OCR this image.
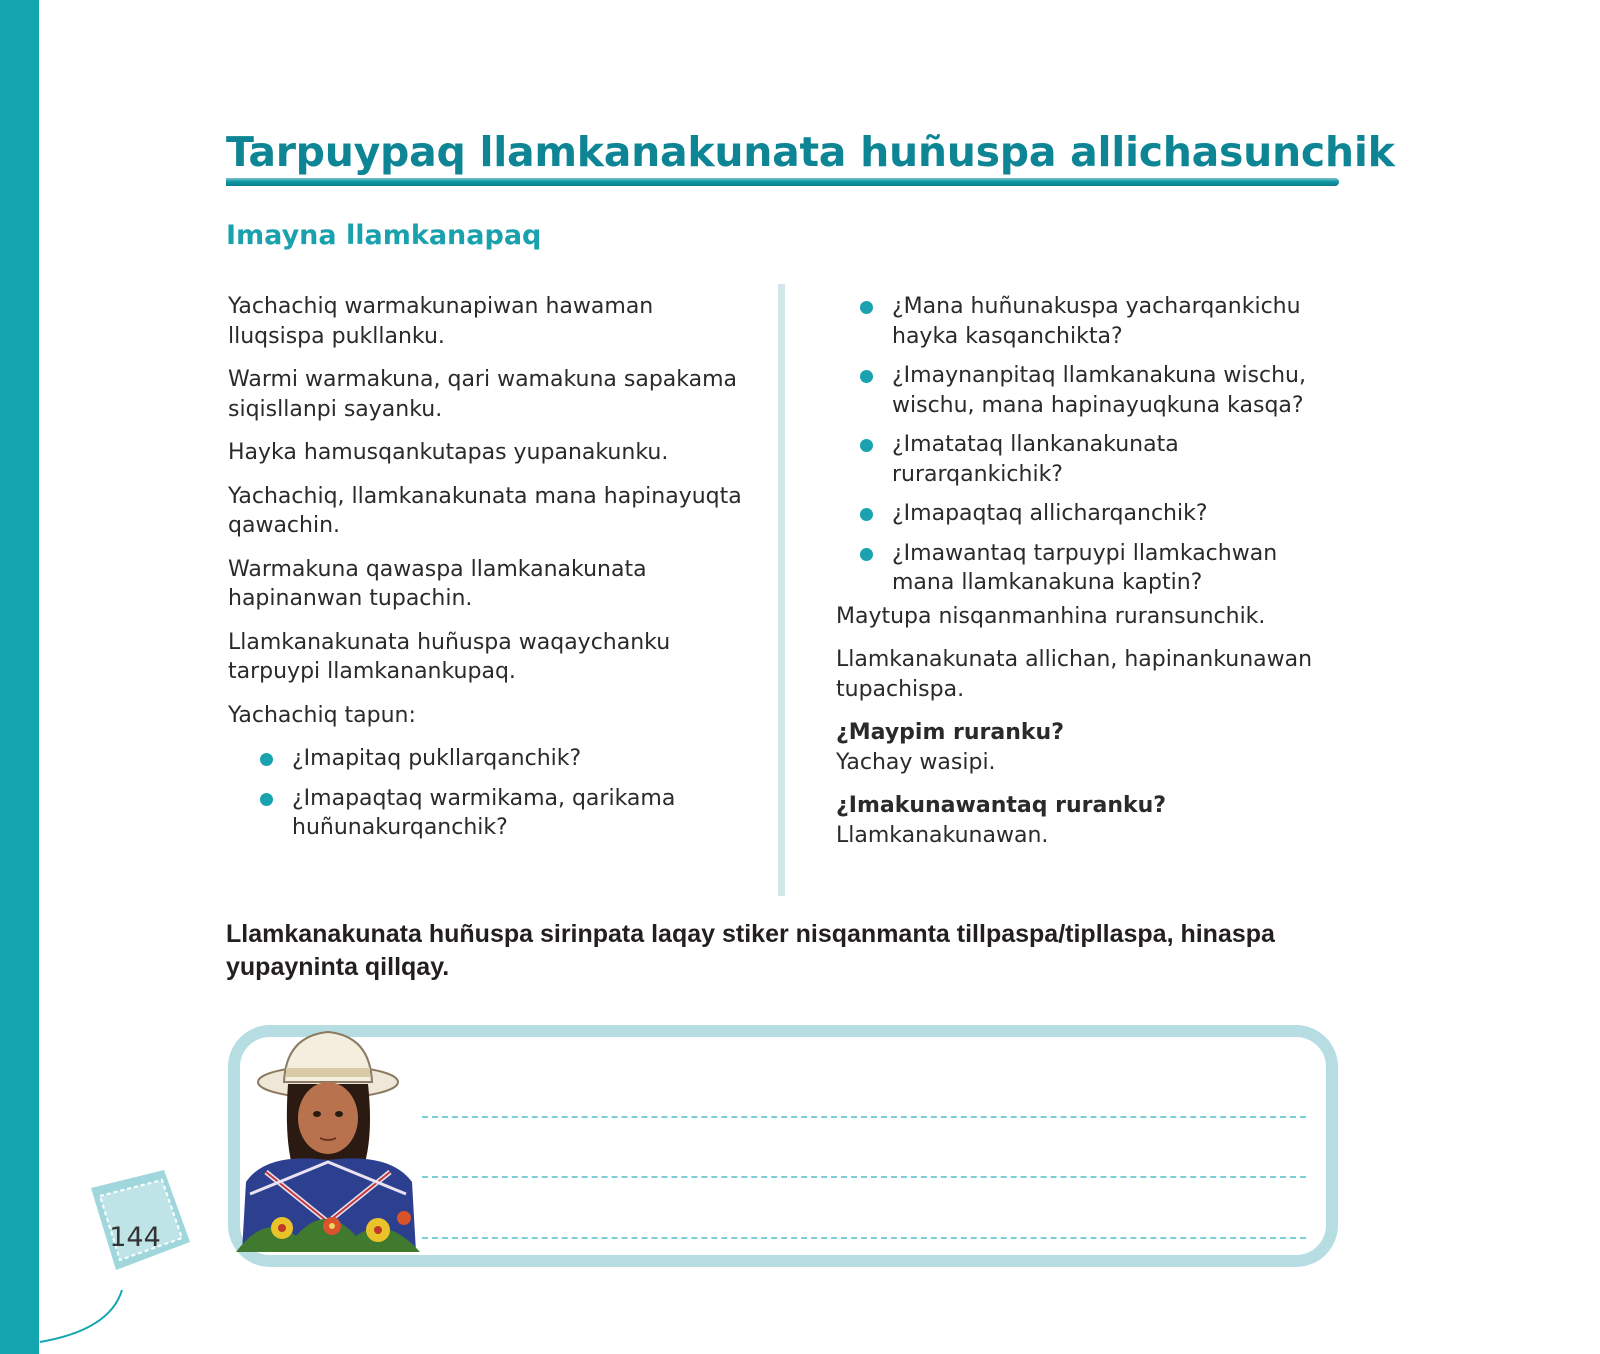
Tarpuypaq llamkanakunata huñuspa allichasunchik
Imayna llamkanapaq

Yachachiq warmakunapiwan hawaman lluqsispa pukllanku.

Warmi warmakuna, qari wamakuna sapakama siqisllanpi sayanku.

Hayka hamusqankutapas yupanakunku.

Yachachiq, llamkanakunata mana hapinayuqta qawachin.

Warmakuna qawaspa llamkanakunata hapinanwan tupachin.

Llamkanakunata huñuspa waqaychanku tarpuypi llamkanankupaq.

Yachachiq tapun:

¿Imapitaq pukllarqanchik?
¿Imapaqtaq warmikama, qarikama huñunakurqanchik?
¿Mana huñunakuspa yacharqankichu hayka kasqanchikta?
¿Imaynanpitaq llamkanakuna wischu, wischu, mana hapinayuqkuna kasqa?
¿Imatataq llankanakunata rurarqankichik?
¿Imapaqtaq allicharqanchik?
¿Imawantaq tarpuypi llamkachwan mana llamkanakuna kaptin?

Maytupa nisqanmanhina ruransunchik.

Llamkanakunata allichan, hapinankunawan tupachispa.

¿Maypim ruranku?
Yachay wasipi.

¿Imakunawantaq ruranku?
Llamkanakunawan.

Llamkanakunata huñuspa sirinpata laqay stiker nisqanmanta tillpaspa/tipllaspa, hinaspa yupayninta qillqay.

144
